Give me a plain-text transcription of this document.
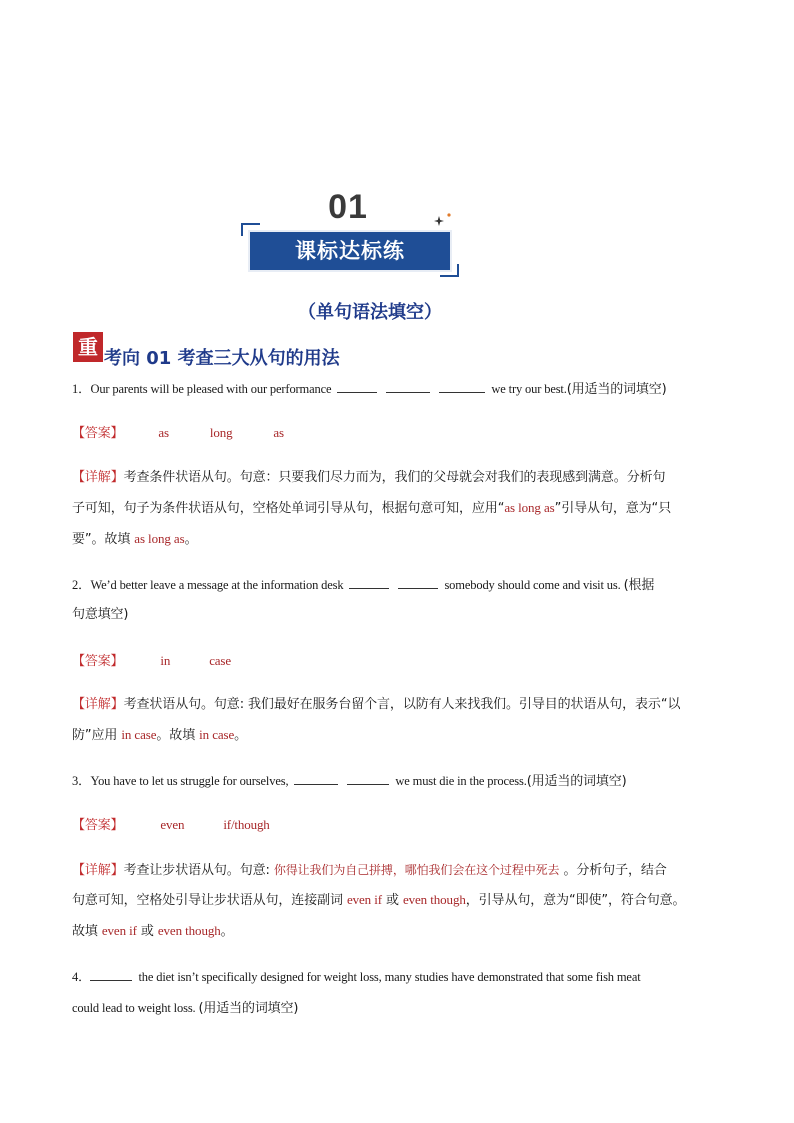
01
课标达标练
（单句语法填空）
重 考向 01 考查三大从句的用法
1．Our parents will be pleased with our performance	we try our best.(用适当的词填空)
【答案】	as	long	as
【详解】考查条件状语从句。句意：只要我们尽力而为，我们的父母就会对我们的表现感到满意。分析句
子可知，句子为条件状语从句，空格处单词引导从句，根据句意可知，应用“as long as”引导从句，意为“只
要”。故填 as long as。
2．We’d better leave a message at the information desk	somebody should come and visit us. (根据
句意填空)
【答案】	in	case
【详解】考查状语从句。句意: 我们最好在服务台留个言，以防有人来找我们。引导目的状语从句，表示“以
防”应用 in case。故填 in case。
3．You have to let us struggle for ourselves,	we must die in the process.(用适当的词填空)
【答案】	even	if/though
【详解】考查让步状语从句。句意: 你得让我们为自己拼搏，哪怕我们会在这个过程中死去 。分析句子，结合
句意可知，空格处引导让步状语从句，连接副词 even if 或 even though，引导从句，意为“即使”，符合句意。
故填 even if 或 even though。
4．	the diet isn’t specifically designed for weight loss, many studies have demonstrated that some fish meat
could lead to weight loss. (用适当的词填空)
